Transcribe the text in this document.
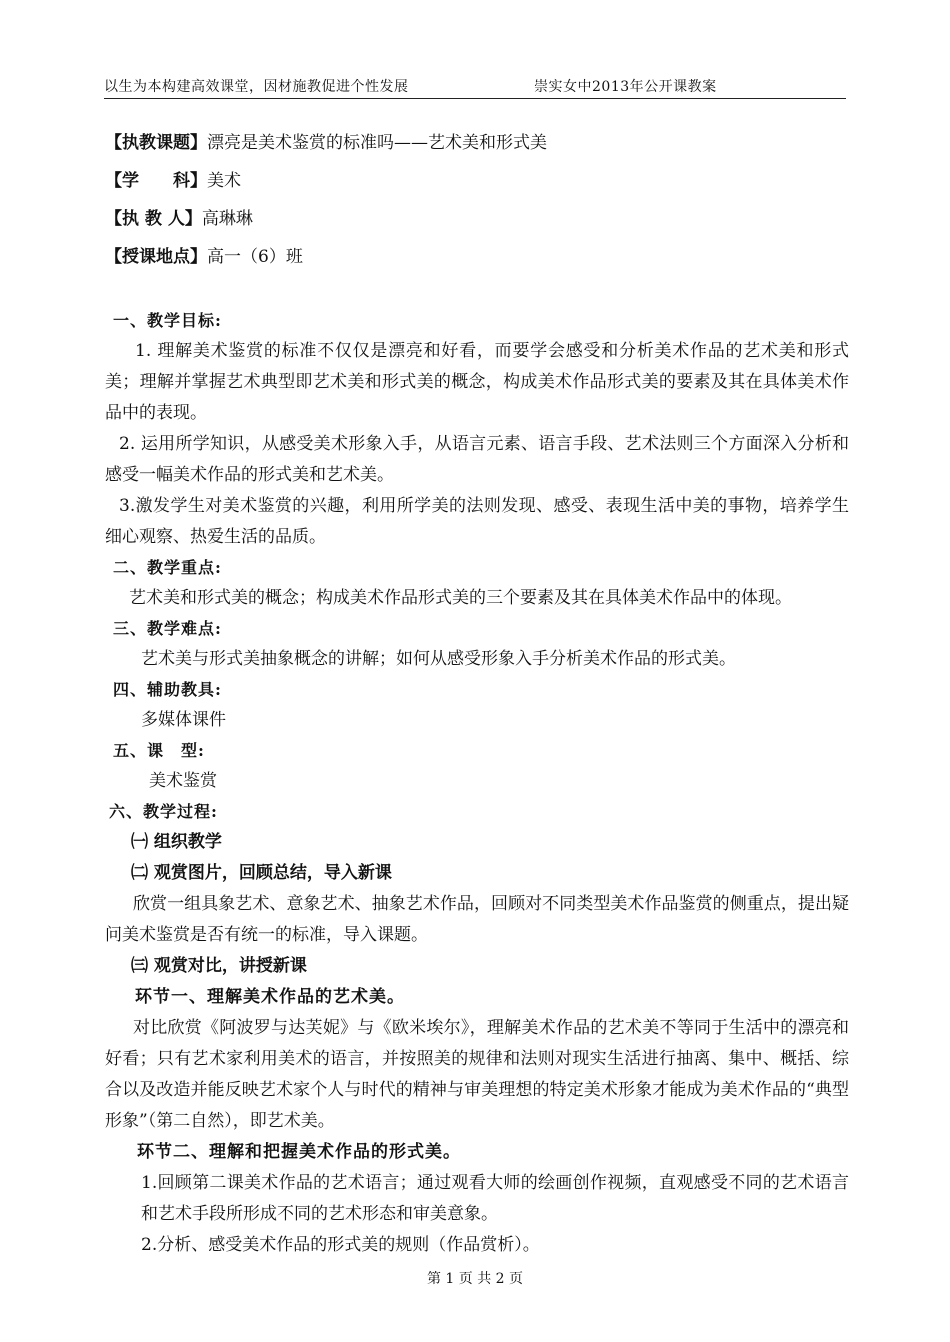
以生为本构建高效课堂，因材施教促进个性发展	崇实女中2013年公开课教案
【执教课题】漂亮是美术鉴赏的标准吗——艺术美和形式美
【学　　科】美术
【执 教 人】高琳琳
【授课地点】高一（6）班
一、教学目标:
1. 理解美术鉴赏的标准不仅仅是漂亮和好看，而要学会感受和分析美术作品的艺术美和形式美；理解并掌握艺术典型即艺术美和形式美的概念，构成美术作品形式美的要素及其在具体美术作品中的表现。
2. 运用所学知识，从感受美术形象入手，从语言元素、语言手段、艺术法则三个方面深入分析和感受一幅美术作品的形式美和艺术美。
3.激发学生对美术鉴赏的兴趣，利用所学美的法则发现、感受、表现生活中美的事物，培养学生细心观察、热爱生活的品质。
二、教学重点:
艺术美和形式美的概念；构成美术作品形式美的三个要素及其在具体美术作品中的体现。
三、教学难点:
艺术美与形式美抽象概念的讲解；如何从感受形象入手分析美术作品的形式美。
四、辅助教具:
多媒体课件
五、课　型:
美术鉴赏
六、教学过程:
㈠ 组织教学
㈡ 观赏图片，回顾总结，导入新课
欣赏一组具象艺术、意象艺术、抽象艺术作品，回顾对不同类型美术作品鉴赏的侧重点，提出疑问美术鉴赏是否有统一的标准，导入课题。
㈢ 观赏对比，讲授新课
环节一、理解美术作品的艺术美。
对比欣赏《阿波罗与达芙妮》与《欧米埃尔》，理解美术作品的艺术美不等同于生活中的漂亮和好看；只有艺术家利用美术的语言，并按照美的规律和法则对现实生活进行抽离、集中、概括、综合以及改造并能反映艺术家个人与时代的精神与审美理想的特定美术形象才能成为美术作品的“典型形象”（第二自然），即艺术美。
环节二、理解和把握美术作品的形式美。
1.回顾第二课美术作品的艺术语言；通过观看大师的绘画创作视频，直观感受不同的艺术语言和艺术手段所形成不同的艺术形态和审美意象。
2.分析、感受美术作品的形式美的规则（作品赏析）。
第 1 页 共 2 页
